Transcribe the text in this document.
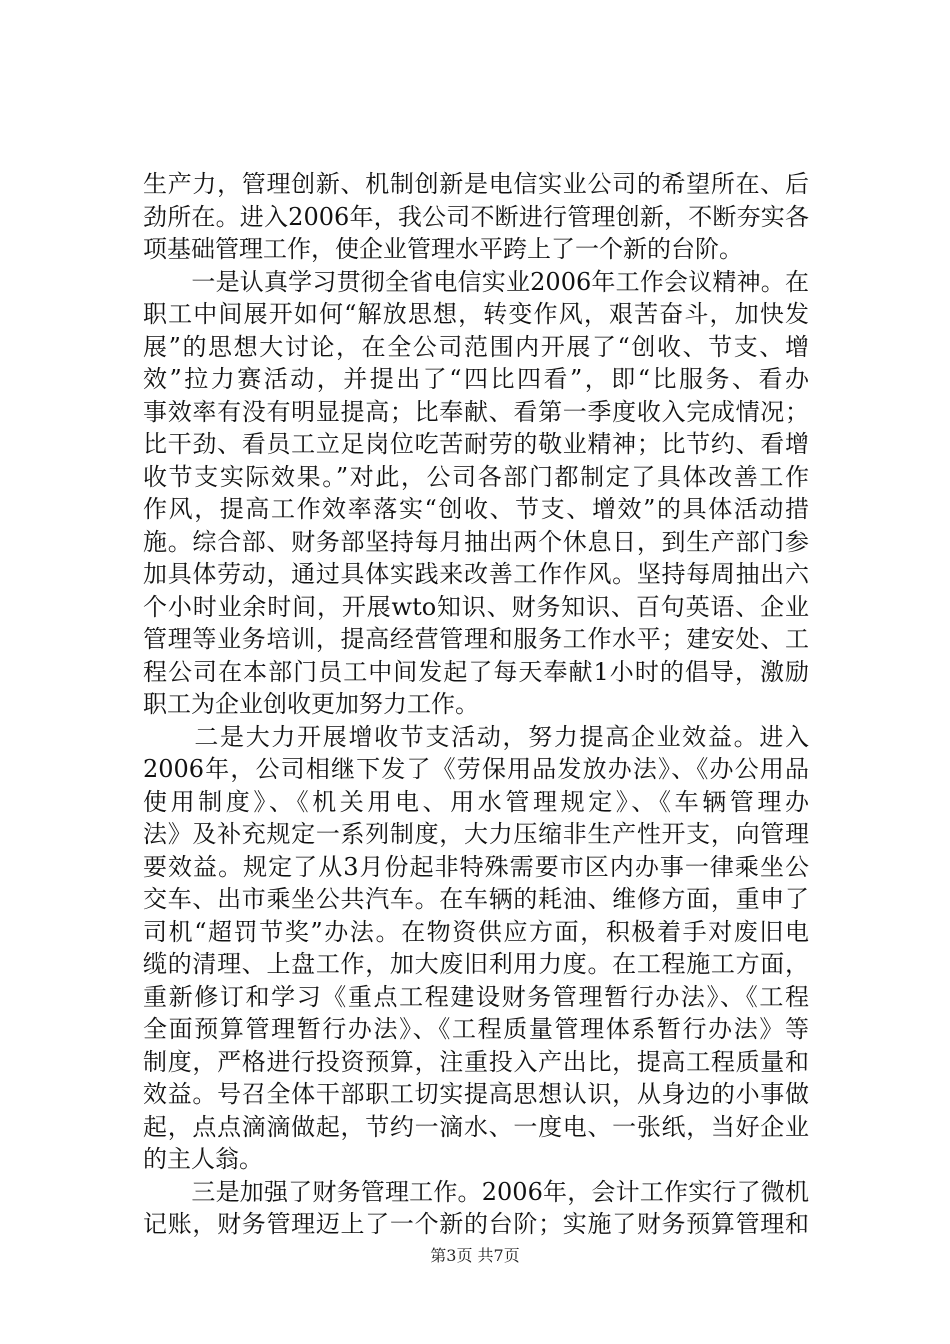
生产力，管理创新、机制创新是电信实业公司的希望所在、后
劲所在。进入2006年，我公司不断进行管理创新，不断夯实各
项基础管理工作，使企业管理水平跨上了一个新的台阶。
　　一是认真学习贯彻全省电信实业2006年工作会议精神。在
职工中间展开如何“解放思想，转变作风，艰苦奋斗，加快发
展”的思想大讨论，在全公司范围内开展了“创收、节支、增
效”拉力赛活动，并提出了“四比四看”，即“比服务、看办
事效率有没有明显提高；比奉献、看第一季度收入完成情况；
比干劲、看员工立足岗位吃苦耐劳的敬业精神；比节约、看增
收节支实际效果。”对此，公司各部门都制定了具体改善工作
作风，提高工作效率落实“创收、节支、增效”的具体活动措
施。综合部、财务部坚持每月抽出两个休息日，到生产部门参
加具体劳动，通过具体实践来改善工作作风。坚持每周抽出六
个小时业余时间，开展wto知识、财务知识、百句英语、企业
管理等业务培训，提高经营管理和服务工作水平；建安处、工
程公司在本部门员工中间发起了每天奉献1小时的倡导，激励
职工为企业创收更加努力工作。
　　二是大力开展增收节支活动，努力提高企业效益。进入
2006年，公司相继下发了《劳保用品发放办法》、《办公用品
使用制度》、《机关用电、用水管理规定》、《车辆管理办
法》及补充规定一系列制度，大力压缩非生产性开支，向管理
要效益。规定了从3月份起非特殊需要市区内办事一律乘坐公
交车、出市乘坐公共汽车。在车辆的耗油、维修方面，重申了
司机“超罚节奖”办法。在物资供应方面，积极着手对废旧电
缆的清理、上盘工作，加大废旧利用力度。在工程施工方面，
重新修订和学习《重点工程建设财务管理暂行办法》、《工程
全面预算管理暂行办法》、《工程质量管理体系暂行办法》等
制度，严格进行投资预算，注重投入产出比，提高工程质量和
效益。号召全体干部职工切实提高思想认识，从身边的小事做
起，点点滴滴做起，节约一滴水、一度电、一张纸，当好企业
的主人翁。
　　三是加强了财务管理工作。2006年，会计工作实行了微机
记账，财务管理迈上了一个新的台阶；实施了财务预算管理和
第3页 共7页
